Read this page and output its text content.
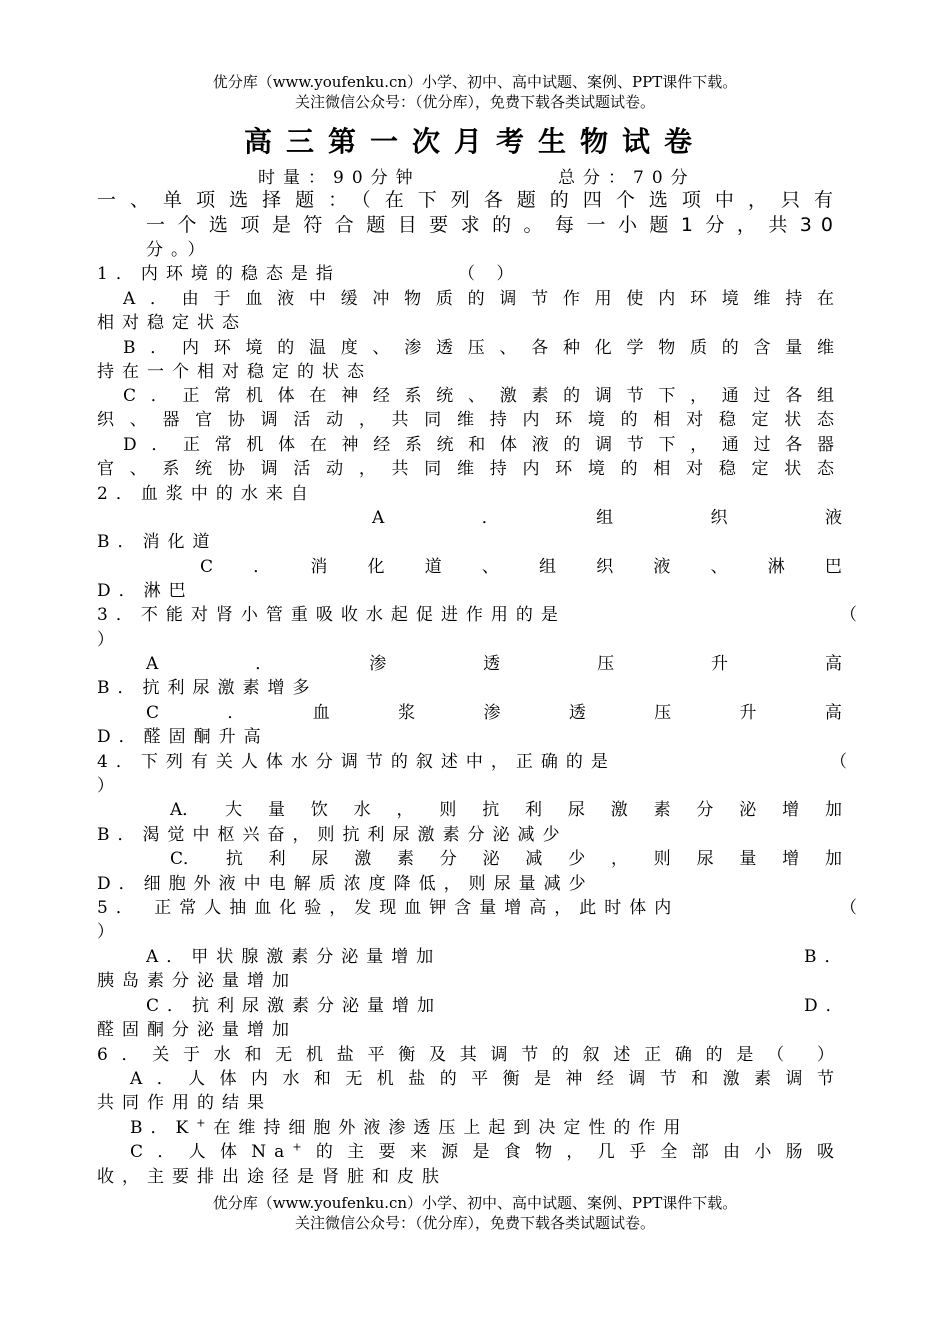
优分库（www.youfenku.cn）小学、初中、高中试题、案例、PPT课件下载。
关注微信公众号：（优分库），免费下载各类试题试卷。
高三第一次月考生物试卷
时量：90分钟	总分：70分
一、单项选择题：（在下列各题的四个选项中，只有
一个选项是符合题目要求的。每一小题1分，共30
分。）
1．内环境的稳态是指	（ ）
A．由于血液中缓冲物质的调节作用使内环境维持在
相对稳定状态
B．内环境的温度、渗透压、各种化学物质的含量维
持在一个相对稳定的状态
C．正常机体在神经系统、激素的调节下，通过各组
织、器官协调活动，共同维持内环境的相对稳定状态
D．正常机体在神经系统和体液的调节下，通过各器
官、系统协调活动，共同维持内环境的相对稳定状态
2．血浆中的水来自
A	．	组	织	液
B．消化道
C ． 消 化 道 、 组 织 液 、 淋 巴
D．淋巴
3．不能对肾小管重吸收水起促进作用的是	（
）
A	．	渗	透	压	升	高
B．抗利尿激素增多
C	．	血	浆	渗	透	压	升	高
D．醛固酮升高
4．下列有关人体水分调节的叙述中，正确的是	（
）
A． 大 量 饮 水 ， 则 抗 利 尿 激 素 分 泌 增 加
B．渴觉中枢兴奋，则抗利尿激素分泌减少
C． 抗 利 尿 激 素 分 泌 减 少 ， 则 尿 量 增 加
D．细胞外液中电解质浓度降低，则尿量减少
5． 正常人抽血化验，发现血钾含量增高，此时体内	（
）
A．甲状腺激素分泌量增加	B．
胰岛素分泌量增加
C．抗利尿激素分泌量增加	D．
醛固酮分泌量增加
6．关于水和无机盐平衡及其调节的叙述正确的是（ ）
A．人体内水和无机盐的平衡是神经调节和激素调节
共同作用的结果
B．K+在维持细胞外液渗透压上起到决定性的作用
C．人体Na+的主要来源是食物，几乎全部由小肠吸
收，主要排出途径是肾脏和皮肤
优分库（www.youfenku.cn）小学、初中、高中试题、案例、PPT课件下载。
关注微信公众号：（优分库），免费下载各类试题试卷。
